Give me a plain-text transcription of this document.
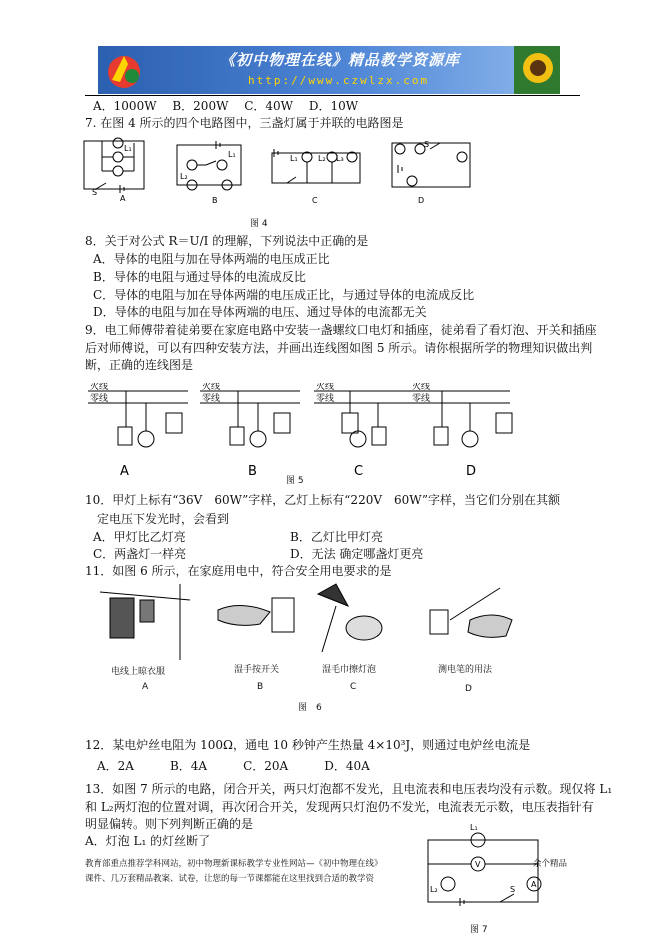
《初中物理在线》精品教学资源库
http://www.czwlzx.com
A．1000W　 B．200W　 C．40W　 D．10W
7. 在图 4 所示的四个电路图中，三盏灯属于并联的电路图是
A	B	C	D
L₁
S
L₁
L₂
L₁	L₂ L₃
S
图 4
8．关于对公式 R＝U/I 的理解，下列说法中正确的是
A．导体的电阻与加在导体两端的电压成正比
B．导体的电阻与通过导体的电流成反比
C．导体的电阻与加在导体两端的电压成正比，与通过导体的电流成反比
D．导体的电阻与加在导体两端的电压、通过导体的电流都无关
9．电工师傅带着徒弟要在家庭电路中安装一盏螺纹口电灯和插座，徒弟看了看灯泡、开关和插座
后对师傅说，可以有四种安装方法，并画出连线图如图 5 所示。请你根据所学的物理知识做出判
断，正确的连线图是
火线
零线
火线
零线
火线
零线
火线
零线
A	B	C	D
图 5
10．甲灯上标有“36V　60W”字样，乙灯上标有“220V　60W”字样，当它们分别在其额
定电压下发光时，会看到
A．甲灯比乙灯亮	B．乙灯比甲灯亮
C．两盏灯一样亮	D．无法 确定哪盏灯更亮
11．如图 6 所示，在家庭用电中，符合安全用电要求的是
电线上晾衣服	湿手按开关	湿毛巾擦灯泡	测电笔的用法
A	B	C	D
图　6
12．某电炉丝电阻为 100Ω，通电 10 秒钟产生热量 4×10³J，则通过电炉丝电流是
A．2A　　　B．4A　　　C．20A　　　D．40A
13．如图 7 所示的电路，闭合开关，两只灯泡都不发光，且电流表和电压表均没有示数。现仅将 L₁
和 L₂两灯泡的位置对调，再次闭合开关，发现两只灯泡仍不发光，电流表无示数，电压表指针有
明显偏转。则下列判断正确的是
A．灯泡 L₁ 的灯丝断了
教育部重点推荐学科网站，初中物理新课标教学专业性网站—《初中物理在线》
课件、几万套精品教案、试卷，让您的每一节课都能在这里找到合适的教学资
余个精品
L₁
V
L₂
A
S
图 7
